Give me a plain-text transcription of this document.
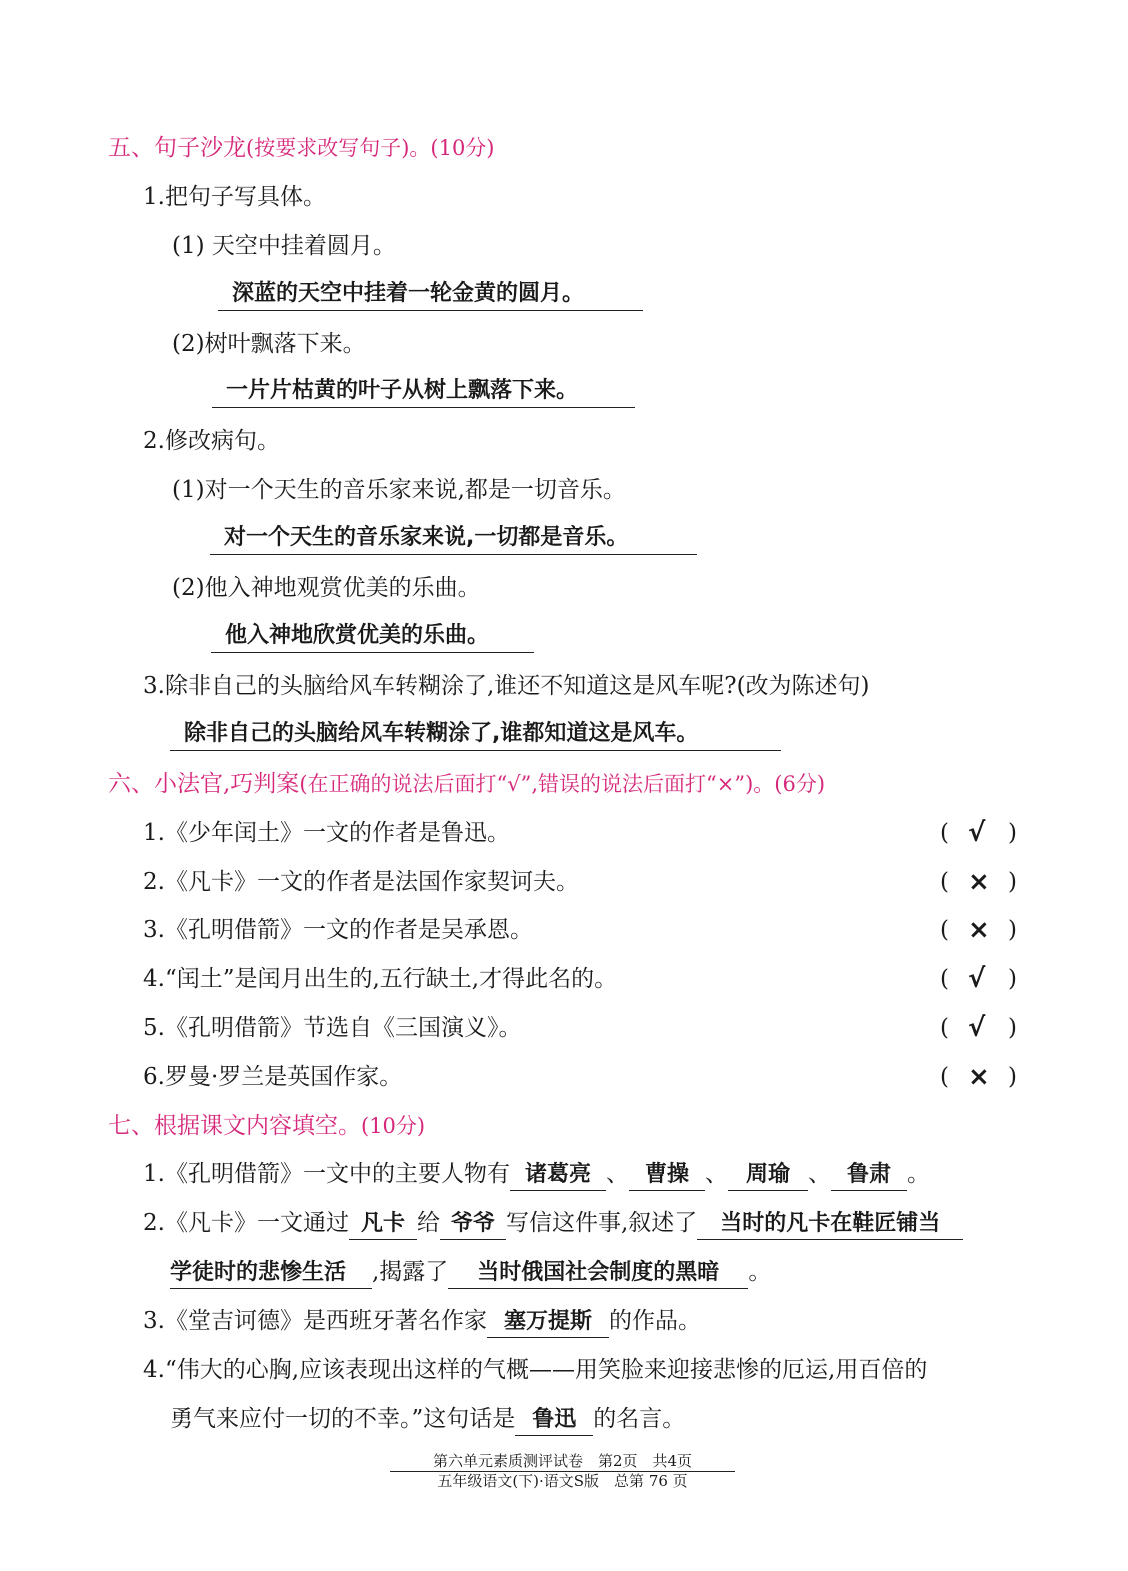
五、句子沙龙(按要求改写句子)。(10分)
1.把句子写具体。
(1) 天空中挂着圆月。
深蓝的天空中挂着一轮金黄的圆月。
(2)树叶飘落下来。
一片片枯黄的叶子从树上飘落下来。
2.修改病句。
(1)对一个天生的音乐家来说,都是一切音乐。
对一个天生的音乐家来说,一切都是音乐。
(2)他入神地观赏优美的乐曲。
他入神地欣赏优美的乐曲。
3.除非自己的头脑给风车转糊涂了,谁还不知道这是风车呢?(改为陈述句)
除非自己的头脑给风车转糊涂了,谁都知道这是风车。
六、小法官,巧判案(在正确的说法后面打“√”,错误的说法后面打“×”)。(6分)
1.《少年闰土》一文的作者是鲁迅。	( √ )
2.《凡卡》一文的作者是法国作家契诃夫。	( × )
3.《孔明借箭》一文的作者是吴承恩。	( × )
4.“闰土”是闰月出生的,五行缺土,才得此名的。	( √ )
5.《孔明借箭》节选自《三国演义》。	( √ )
6.罗曼·罗兰是英国作家。	( × )
七、根据课文内容填空。(10分)
1.《孔明借箭》一文中的主要人物有 诸葛亮 、 曹操 、 周瑜 、 鲁肃 。
2.《凡卡》一文通过 凡卡 给 爷爷 写信这件事,叙述了 当时的凡卡在鞋匠铺当
学徒时的悲惨生活 ,揭露了 当时俄国社会制度的黑暗 。
3.《堂吉诃德》是西班牙著名作家 塞万提斯 的作品。
4.“伟大的心胸,应该表现出这样的气概——用笑脸来迎接悲惨的厄运,用百倍的
勇气来应付一切的不幸。”这句话是 鲁迅 的名言。
第六单元素质测评试卷　第2页　共4页
五年级语文(下)·语文S版　总第 76 页
